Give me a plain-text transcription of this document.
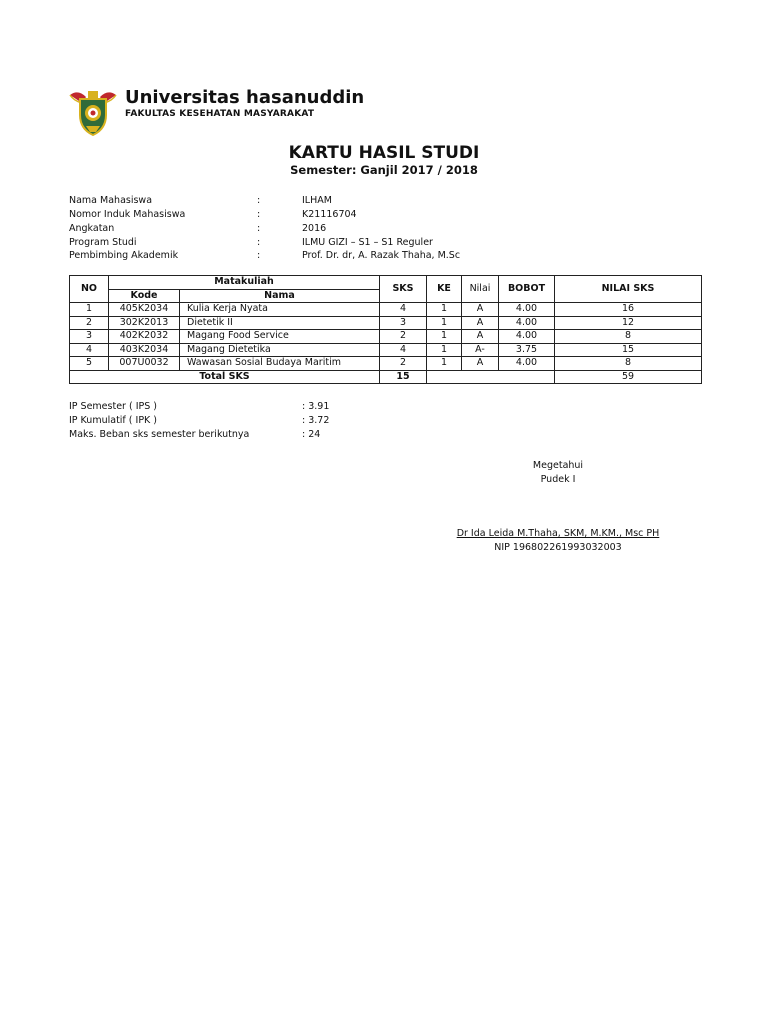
Universitas hasanuddin
FAKULTAS KESEHATAN MASYARAKAT
KARTU HASIL STUDI
Semester: Ganjil 2017 / 2018
Nama Mahasiswa	:	ILHAM
Nomor Induk Mahasiswa	:	K21116704
Angkatan	:	2016
Program Studi	:	ILMU GIZI – S1 – S1 Reguler
Pembimbing Akademik	:	Prof. Dr. dr, A. Razak Thaha, M.Sc
NO	Matakuliah		SKS	KE	Nilai	BOBOT	NILAI SKS
	Kode	Nama					
1	405K2034	Kulia Kerja Nyata	4	1	A	4.00	16
2	302K2013	Dietetik II	3	1	A	4.00	12
3	402K2032	Magang Food Service	2	1	A	4.00	8
4	403K2034	Magang Dietetika	4	1	A-	3.75	15
5	007U0032	Wawasan Sosial Budaya Maritim	2	1	A	4.00	8
Total SKS			15				59
IP Semester ( IPS )	: 3.91
IP Kumulatif ( IPK )	: 3.72
Maks. Beban sks semester berikutnya	: 24
Megetahui
Pudek I
Dr Ida Leida M.Thaha, SKM, M.KM., Msc PH
NIP 196802261993032003
